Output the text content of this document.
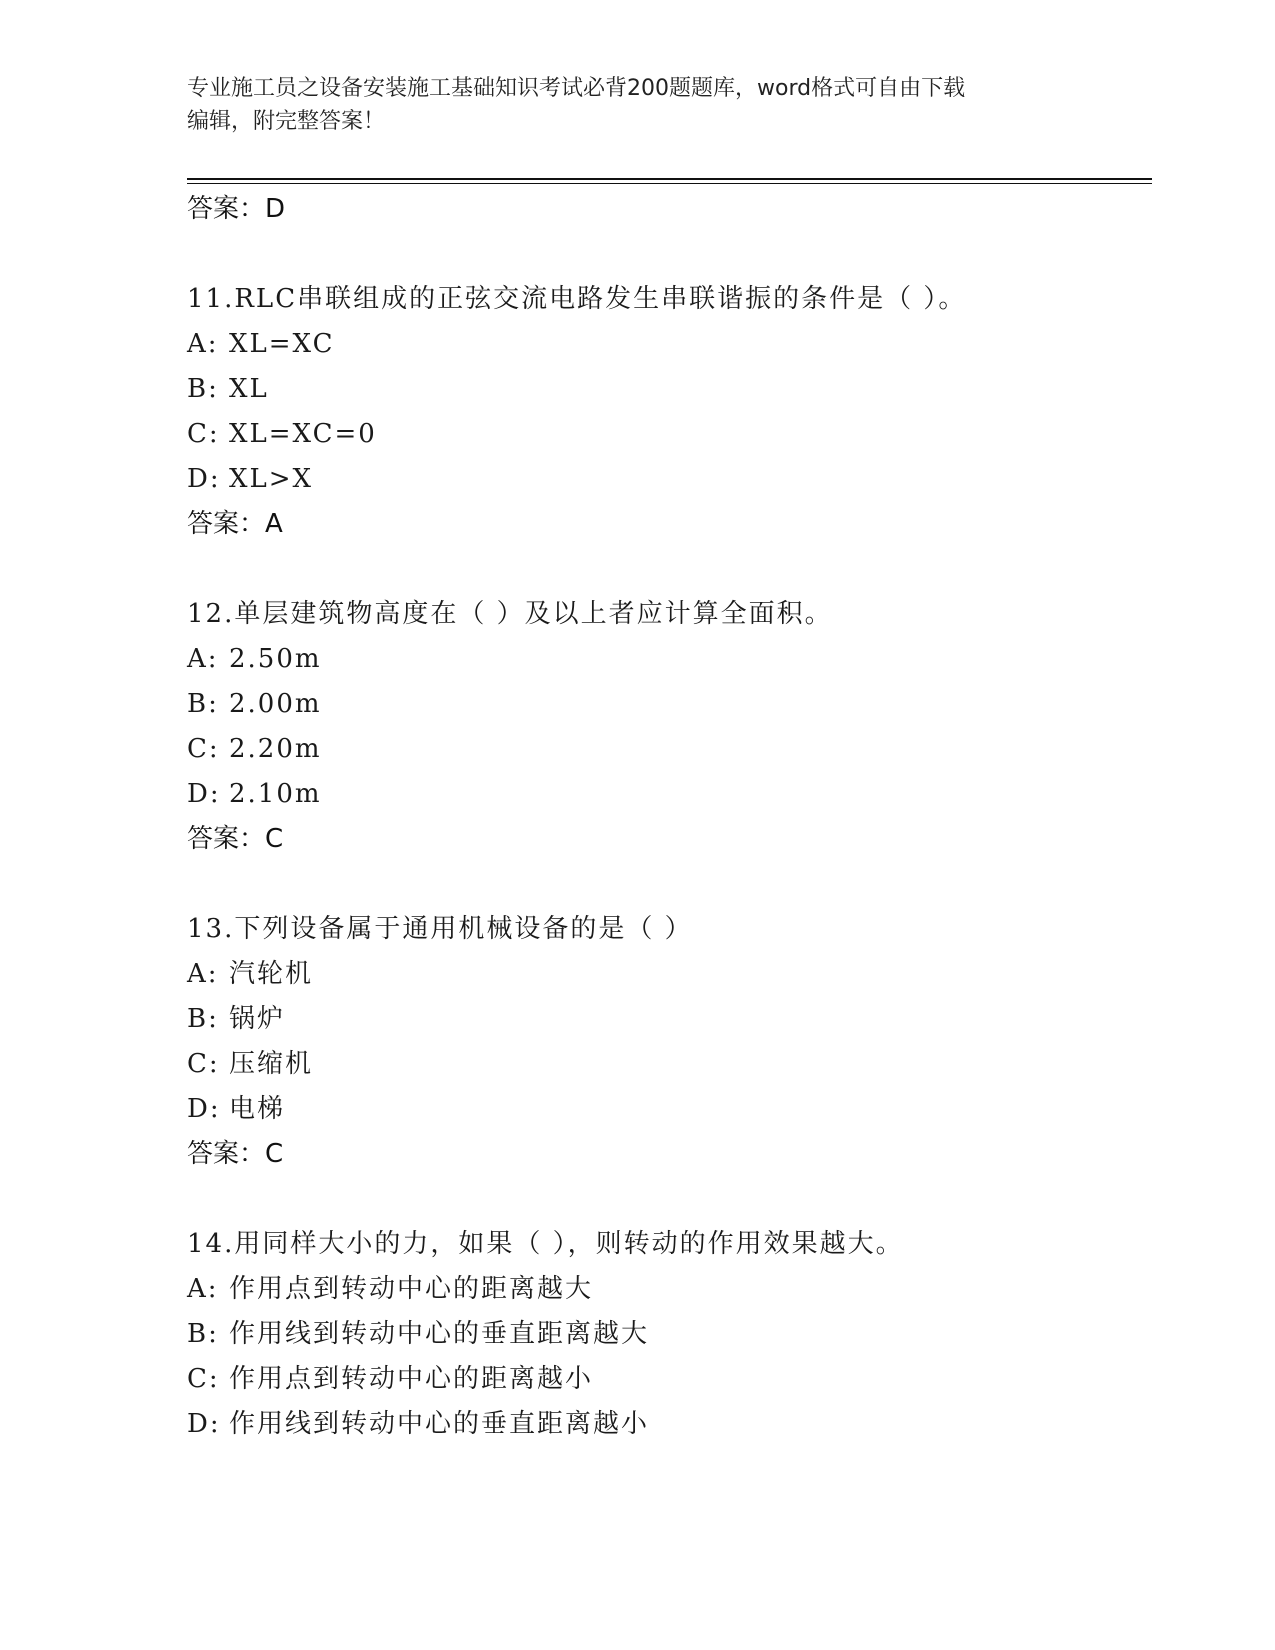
专业施工员之设备安装施工基础知识考试必背200题题库，word格式可自由下载
编辑，附完整答案！
答案：D
11.RLC串联组成的正弦交流电路发生串联谐振的条件是（ ）。
A: XL=XC
B: XL
C: XL=XC=0
D: XL>X
答案：A
12.单层建筑物高度在（ ）及以上者应计算全面积。
A: 2.50m
B: 2.00m
C: 2.20m
D: 2.10m
答案：C
13.下列设备属于通用机械设备的是（ ）
A: 汽轮机
B: 锅炉
C: 压缩机
D: 电梯
答案：C
14.用同样大小的力，如果（ ），则转动的作用效果越大。
A: 作用点到转动中心的距离越大
B: 作用线到转动中心的垂直距离越大
C: 作用点到转动中心的距离越小
D: 作用线到转动中心的垂直距离越小
